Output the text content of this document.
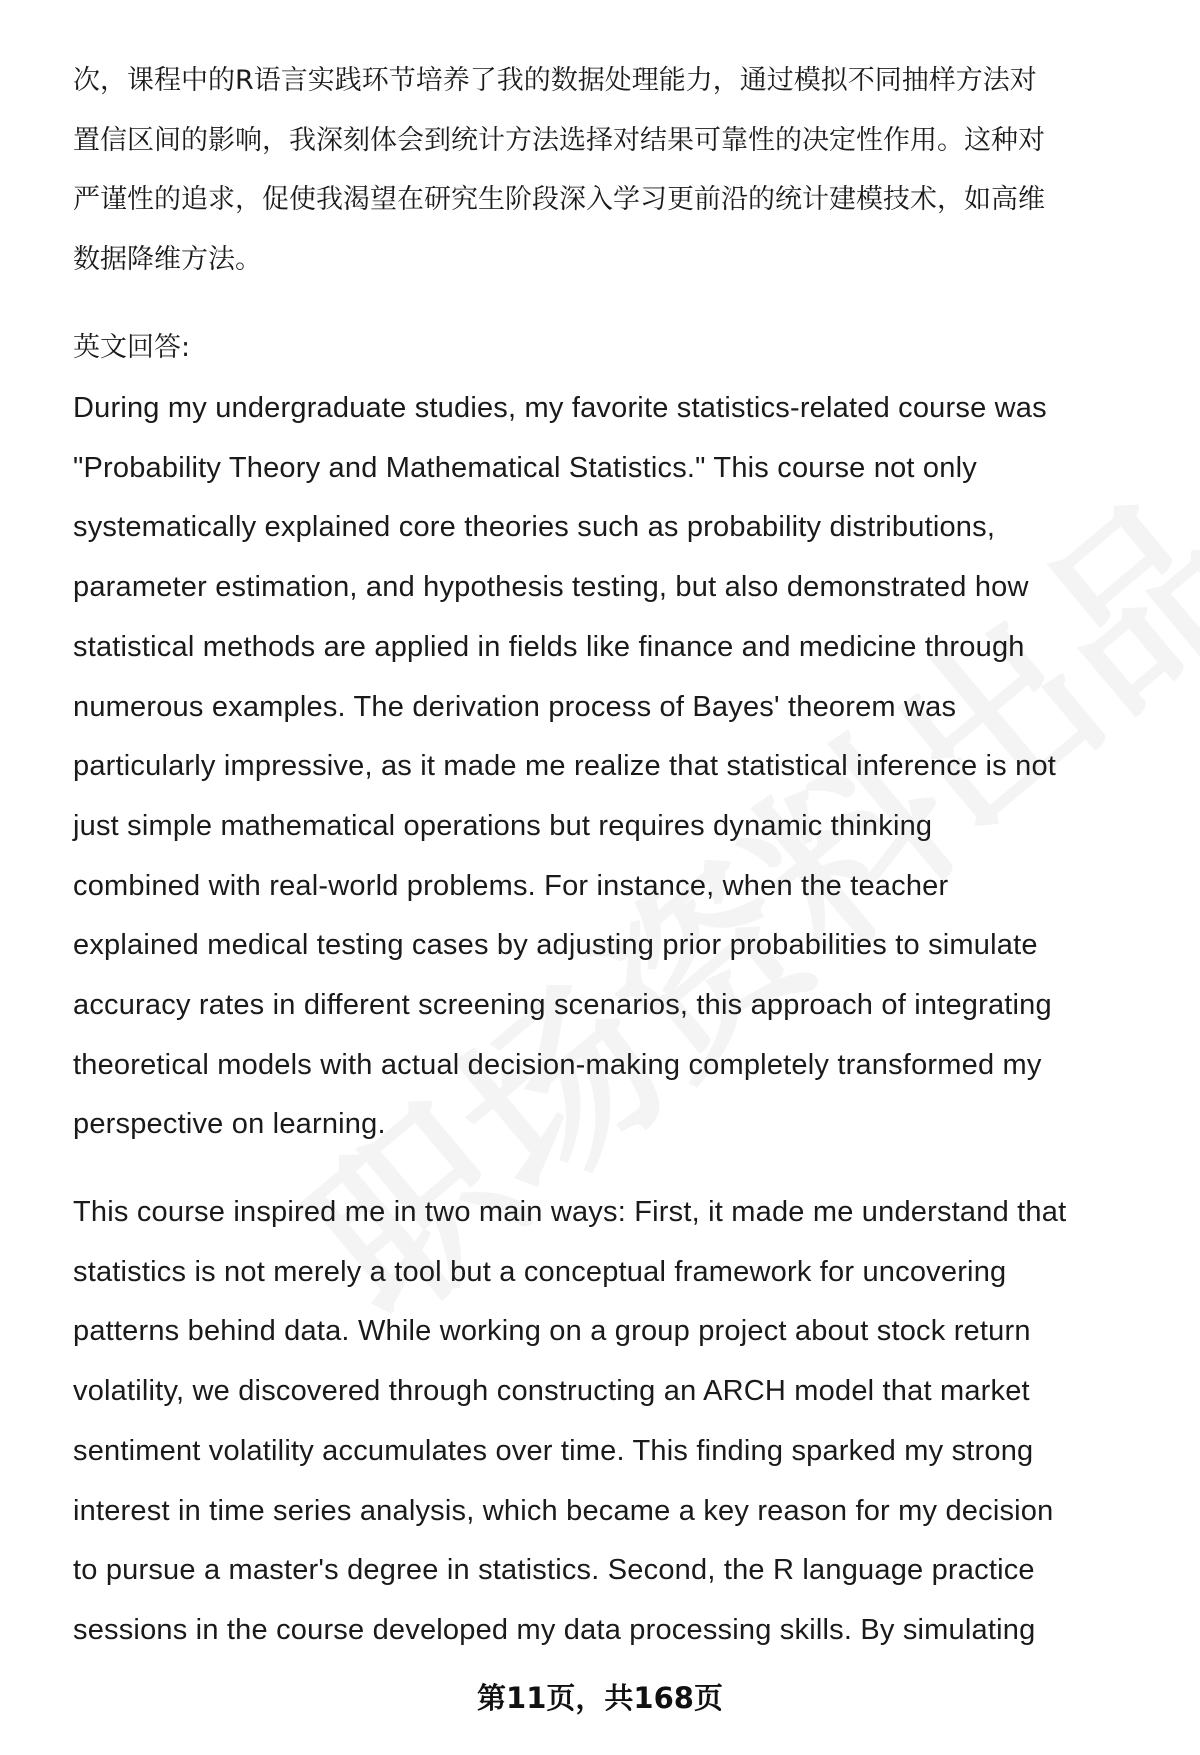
次，课程中的R语言实践环节培养了我的数据处理能力，通过模拟不同抽样方法对
置信区间的影响，我深刻体会到统计方法选择对结果可靠性的决定性作用。这种对
严谨性的追求，促使我渴望在研究生阶段深入学习更前沿的统计建模技术，如高维
数据降维方法。
英文回答:
During my undergraduate studies, my favorite statistics-related course was
"Probability Theory and Mathematical Statistics." This course not only
systematically explained core theories such as probability distributions,
parameter estimation, and hypothesis testing, but also demonstrated how
statistical methods are applied in fields like finance and medicine through
numerous examples. The derivation process of Bayes' theorem was
particularly impressive, as it made me realize that statistical inference is not
just simple mathematical operations but requires dynamic thinking
combined with real-world problems. For instance, when the teacher
explained medical testing cases by adjusting prior probabilities to simulate
accuracy rates in different screening scenarios, this approach of integrating
theoretical models with actual decision-making completely transformed my
perspective on learning.
This course inspired me in two main ways: First, it made me understand that
statistics is not merely a tool but a conceptual framework for uncovering
patterns behind data. While working on a group project about stock return
volatility, we discovered through constructing an ARCH model that market
sentiment volatility accumulates over time. This finding sparked my strong
interest in time series analysis, which became a key reason for my decision
to pursue a master's degree in statistics. Second, the R language practice
sessions in the course developed my data processing skills. By simulating
第11页，共168页
